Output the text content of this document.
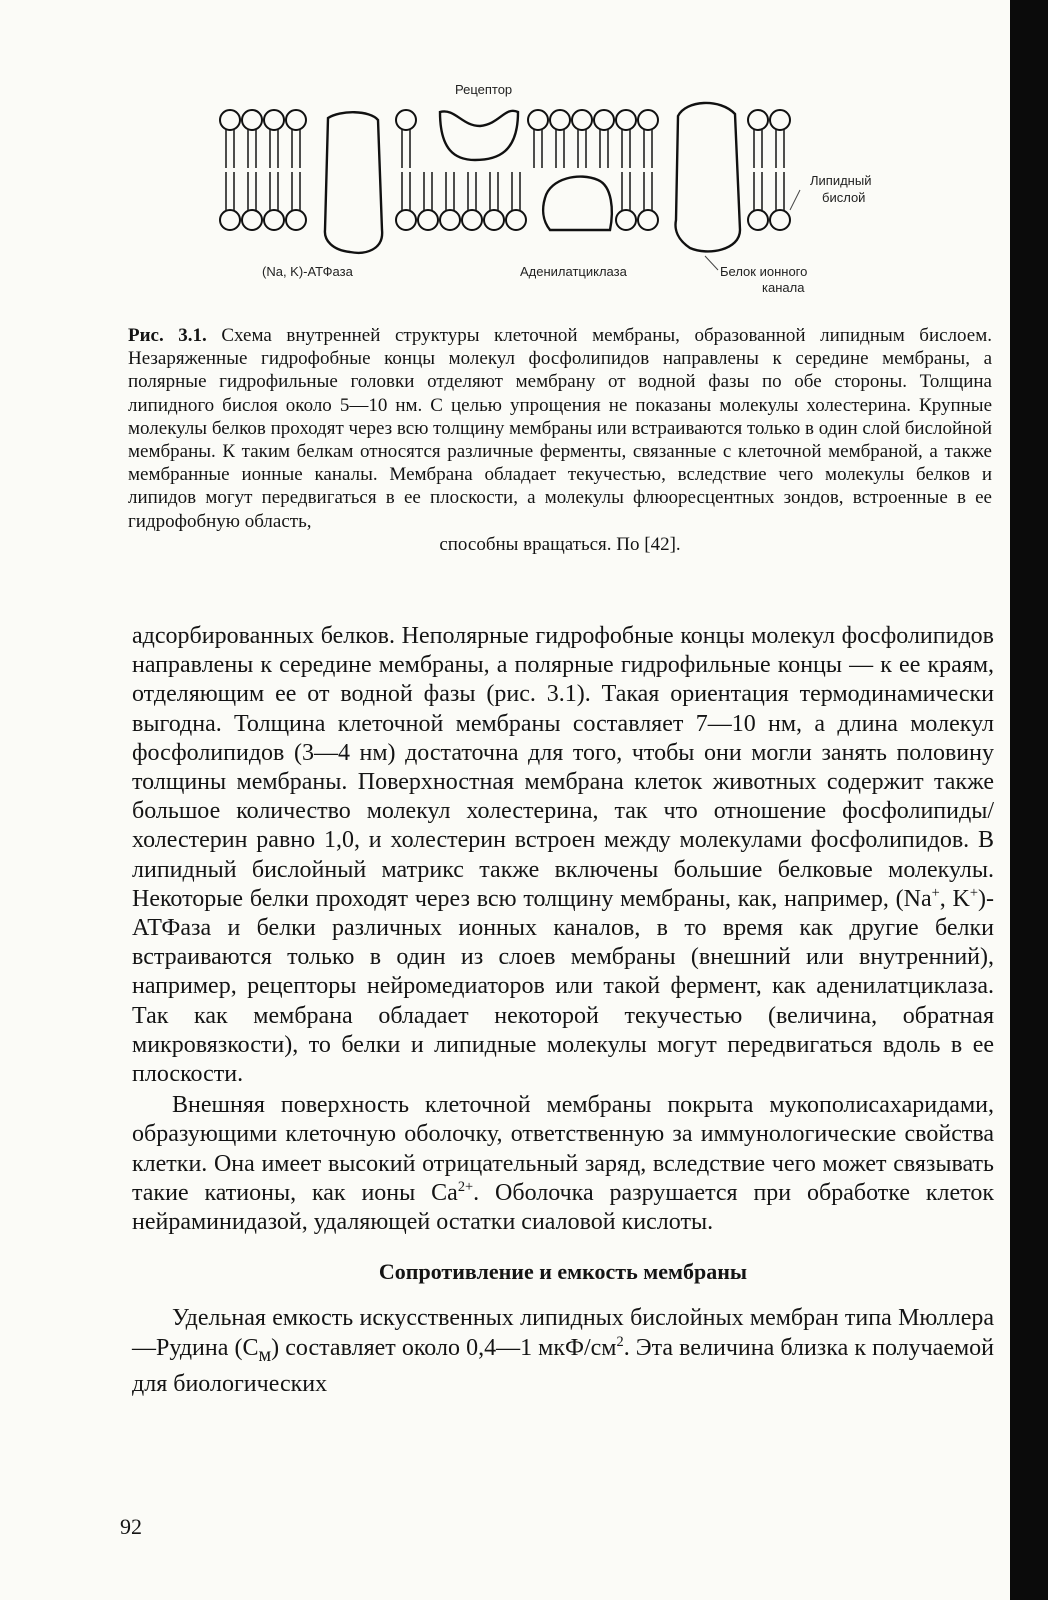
Рецептор
Липидный
бислой
(Na, K)-АТФаза	Аденилатциклаза	Белок ионного
канала
Рис. 3.1. Схема внутренней структуры клеточной мембраны, образованной липидным бислоем. Незаряженные гидрофобные концы молекул фосфолипидов направлены к середине мембраны, а полярные гидрофильные головки отделяют мембрану от водной фазы по обе стороны. Толщина липидного бислоя около 5—10 нм. С целью упрощения не показаны молекулы холестерина. Крупные молекулы белков проходят через всю толщину мембраны или встраиваются только в один слой бислойной мембраны. К таким белкам относятся различные ферменты, связанные с клеточной мембраной, а также мембранные ионные каналы. Мембрана обладает текучестью, вследствие чего молекулы белков и липидов могут передвигаться в ее плоскости, а молекулы флюоресцентных зондов, встроенные в ее гидрофобную область,
способны вращаться. По [42].

адсорбированных белков. Неполярные гидрофобные концы молекул фосфолипидов направлены к середине мембраны, а полярные гидрофильные концы — к ее краям, отделяющим ее от водной фазы (рис. 3.1). Такая ориентация термодинамически выгодна. Толщина клеточной мембраны составляет 7—10 нм, а длина молекул фосфолипидов (3—4 нм) достаточна для того, чтобы они могли занять половину толщины мембраны. Поверхностная мембрана клеток животных содержит также большое количество молекул холестерина, так что отношение фосфолипиды/холестерин равно 1,0, и холестерин встроен между молекулами фосфолипидов. В липидный бислойный матрикс также включены большие белковые молекулы. Некоторые белки проходят через всю толщину мембраны, как, например, (Na+, K+)-АТФаза и белки различных ионных каналов, в то время как другие белки встраиваются только в один из слоев мембраны (внешний или внутренний), например, рецепторы нейромедиаторов или такой фермент, как аденилатциклаза. Так как мембрана обладает некоторой текучестью (величина, обратная микровязкости), то белки и липидные молекулы могут передвигаться вдоль в ее плоскости.

Внешняя поверхность клеточной мембраны покрыта мукополисахаридами, образующими клеточную оболочку, ответственную за иммунологические свойства клетки. Она имеет высокий отрицательный заряд, вследствие чего может связывать такие катионы, как ионы $Са^{2+}$. Оболочка разрушается при обработке клеток нейраминидазой, удаляющей остатки сиаловой кислоты.

Сопротивление и емкость мембраны

Удельная емкость искусственных липидных бислойных мембран типа Мюллера—Рудина $(С_м)$ составляет около 0,4—1 мкФ/$см^2$. Эта величина близка к получаемой для биологических

92
